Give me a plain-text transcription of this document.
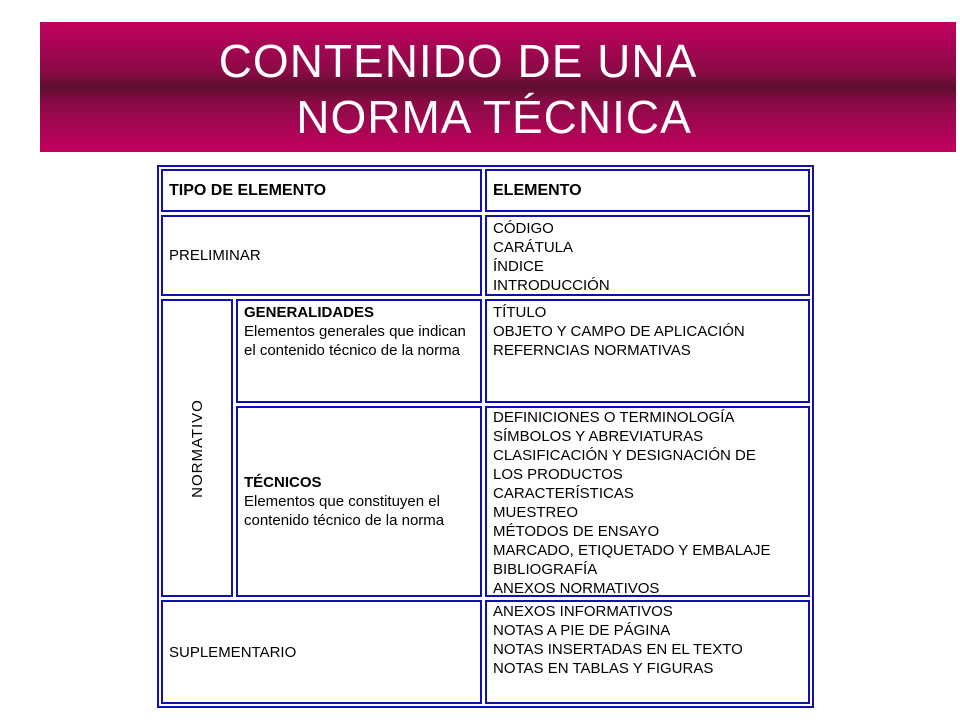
CONTENIDO DE UNA
NORMA TÉCNICA
TIPO DE ELEMENTO	ELEMENTO
PRELIMINAR
CÓDIGO
CARÁTULA
ÍNDICE
INTRODUCCIÓN
NORMATIVO
GENERALIDADES
Elementos generales que indican el contenido técnico de la norma
TÍTULO
OBJETO Y CAMPO DE APLICACIÓN
REFERNCIAS NORMATIVAS
TÉCNICOS
Elementos que constituyen el contenido técnico de la norma
DEFINICIONES O TERMINOLOGÍA
SÍMBOLOS Y ABREVIATURAS
CLASIFICACIÓN Y DESIGNACIÓN DE
LOS PRODUCTOS
CARACTERÍSTICAS
MUESTREO
MÉTODOS DE ENSAYO
MARCADO, ETIQUETADO Y EMBALAJE
BIBLIOGRAFÍA
ANEXOS NORMATIVOS
SUPLEMENTARIO
ANEXOS INFORMATIVOS
NOTAS A PIE DE PÁGINA
NOTAS INSERTADAS EN EL TEXTO
NOTAS EN TABLAS Y FIGURAS
